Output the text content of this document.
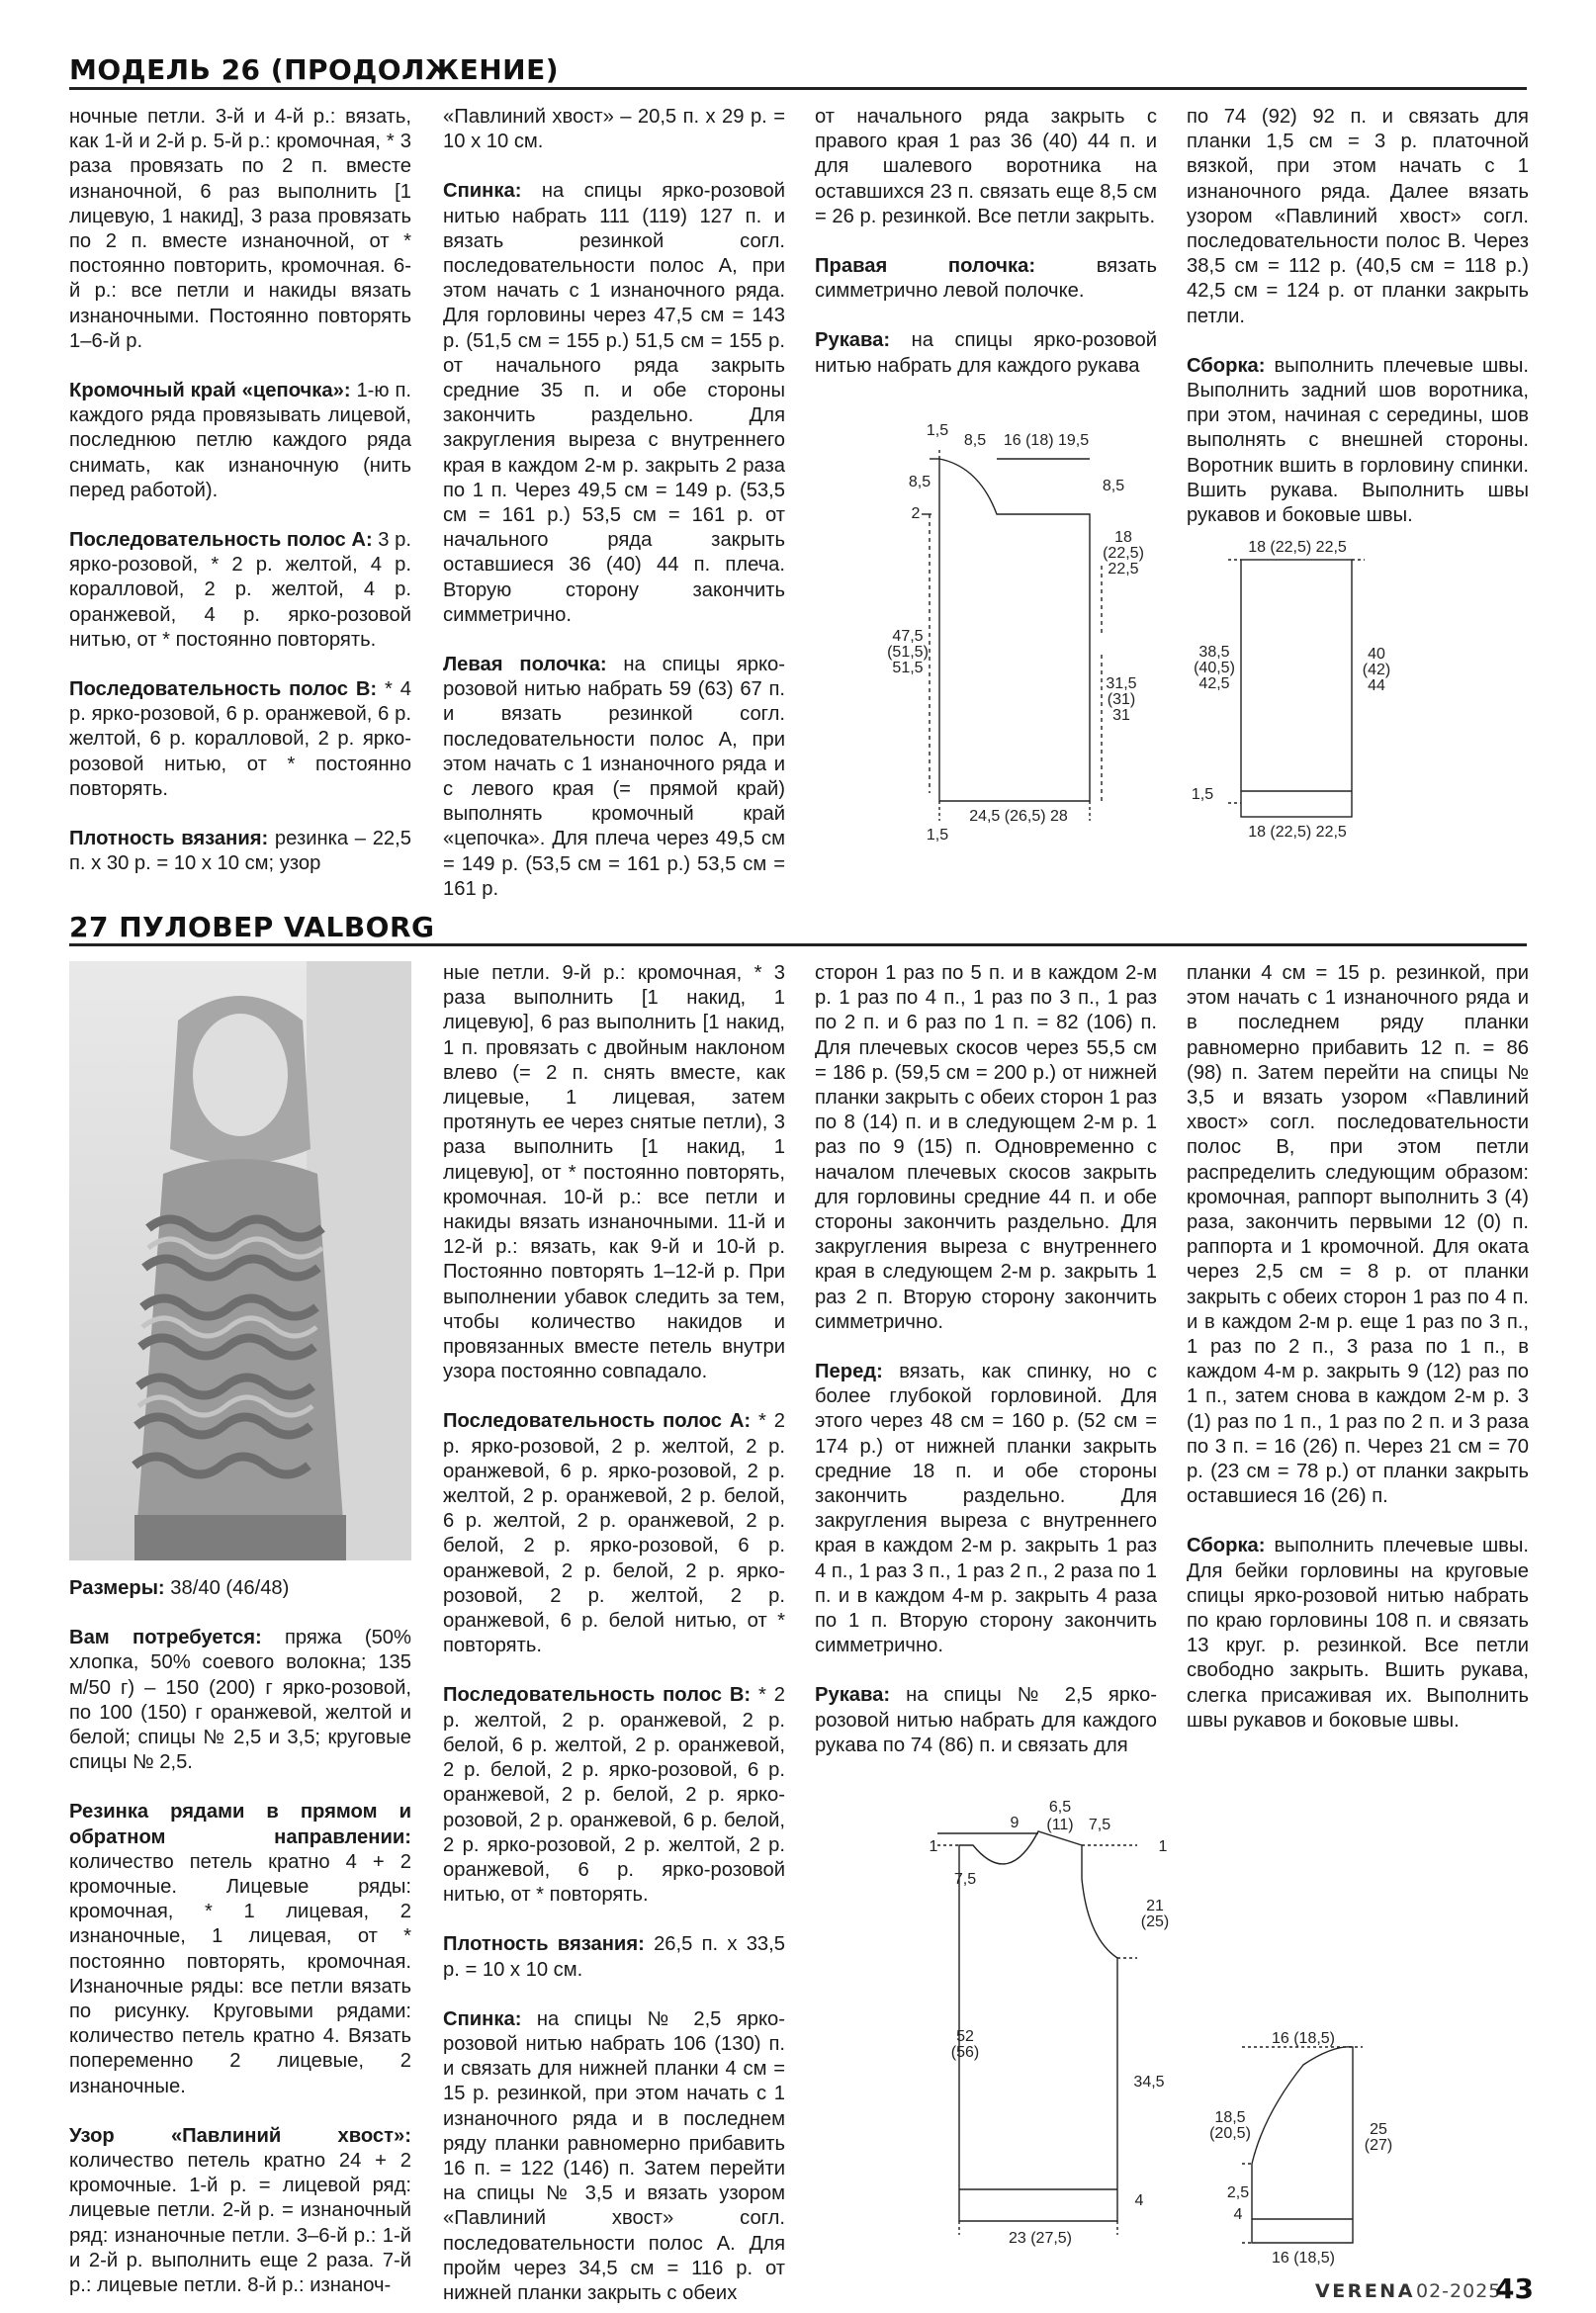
МОДЕЛЬ 26 (ПРОДОЛЖЕНИЕ)

ночные петли. 3-й и 4-й р.: вязать, как 1-й и 2-й р. 5-й р.: кромочная, * 3 раза провязать по 2 п. вместе изнаночной, 6 раз выполнить [1 лицевую, 1 накид], 3 раза провязать по 2 п. вместе изнаночной, от * постоянно повторить, кромочная. 6-й р.: все петли и накиды вязать изнаночными. Постоянно повторять 1–6-й р.

Кромочный край «цепочка»: 1-ю п. каждого ряда провязывать лицевой, последнюю петлю каждого ряда снимать, как изнаночную (нить перед работой).

Последовательность полос А: 3 р. ярко-розовой, * 2 р. желтой, 4 р. коралловой, 2 р. желтой, 4 р. оранжевой, 4 р. ярко-розовой нитью, от * постоянно повторять.

Последовательность полос В: * 4 р. ярко-розовой, 6 р. оранжевой, 6 р. желтой, 6 р. коралловой, 2 р. ярко-розовой нитью, от * постоянно повторять.

Плотность вязания: резинка – 22,5 п. х 30 р. = 10 х 10 см; узор

«Павлиний хвост» – 20,5 п. х 29 р. = 10 х 10 см.

Спинка: на спицы ярко-розовой нитью набрать 111 (119) 127 п. и вязать резинкой согл. последовательности полос А, при этом начать с 1 изнаночного ряда. Для горловины через 47,5 см = 143 р. (51,5 см = 155 р.) 51,5 см = 155 р. от начального ряда закрыть средние 35 п. и обе стороны закончить раздельно. Для закругления выреза с внутреннего края в каждом 2-м р. закрыть 2 раза по 1 п. Через 49,5 см = 149 р. (53,5 см = 161 р.) 53,5 см = 161 р. от начального ряда закрыть оставшиеся 36 (40) 44 п. плеча. Вторую сторону закончить симметрично.

Левая полочка: на спицы ярко-розовой нитью набрать 59 (63) 67 п. и вязать резинкой согл. последовательности полос А, при этом начать с 1 изнаночного ряда и с левого края (= прямой край) выполнять кромочный край «цепочка». Для плеча через 49,5 см = 149 р. (53,5 см = 161 р.) 53,5 см = 161 р.

от начального ряда закрыть с правого края 1 раз 36 (40) 44 п. и для шалевого воротника на оставшихся 23 п. связать еще 8,5 см = 26 р. резинкой. Все петли закрыть.

Правая полочка: вязать симметрично левой полочке.

Рукава: на спицы ярко-розовой нитью набрать для каждого рукава

по 74 (92) 92 п. и связать для планки 1,5 см = 3 р. платочной вязкой, при этом начать с 1 изнаночного ряда. Далее вязать узором «Павлиний хвост» согл. последовательности полос В. Через 38,5 см = 112 р. (40,5 см = 118 р.) 42,5 см = 124 р. от планки закрыть петли.

Сборка: выполнить плечевые швы. Выполнить задний шов воротника, при этом, начиная с середины, шов выполнять с внешней стороны. Воротник вшить в горловину спинки. Вшить рукава. Выполнить швы рукавов и боковые швы.

1,5
8,5 16 (18) 19,5
8,5	8,5
2
18
(22,5)
22,5
47,5
(51,5)
51,5
31,5
(31)
31
24,5 (26,5) 28
1,5
18 (22,5) 22,5
38,5
(40,5)
42,5
40
(42)
44
1,5
18 (22,5) 22,5
27 ПУЛОВЕР VALBORG

Размеры: 38/40 (46/48)

Вам потребуется: пряжа (50% хлопка, 50% соевого волокна; 135 м/50 г) – 150 (200) г ярко-розовой, по 100 (150) г оранжевой, желтой и белой; спицы № 2,5 и 3,5; круговые спицы № 2,5.

Резинка рядами в прямом и обратном направлении: количество петель кратно 4 + 2 кромочные. Лицевые ряды: кромочная, * 1 лицевая, 2 изнаночные, 1 лицевая, от * постоянно повторять, кромочная. Изнаночные ряды: все петли вязать по рисунку. Круговыми рядами: количество петель кратно 4. Вязать попеременно 2 лицевые, 2 изнаночные.

Узор «Павлиний хвост»: количество петель кратно 24 + 2 кромочные. 1-й р. = лицевой ряд: лицевые петли. 2-й р. = изнаночный ряд: изнаночные петли. 3–6-й р.: 1-й и 2-й р. выполнить еще 2 раза. 7-й р.: лицевые петли. 8-й р.: изнаноч-

ные петли. 9-й р.: кромочная, * 3 раза выполнить [1 накид, 1 лицевую], 6 раз выполнить [1 накид, 1 п. провязать с двойным наклоном влево (= 2 п. снять вместе, как лицевые, 1 лицевая, затем протянуть ее через снятые петли), 3 раза выполнить [1 накид, 1 лицевую], от * постоянно повторять, кромочная. 10-й р.: все петли и накиды вязать изнаночными. 11-й и 12-й р.: вязать, как 9-й и 10-й р. Постоянно повторять 1–12-й р. При выполнении убавок следить за тем, чтобы количество накидов и провязанных вместе петель внутри узора постоянно совпадало.

Последовательность полос А: * 2 р. ярко-розовой, 2 р. желтой, 2 р. оранжевой, 6 р. ярко-розовой, 2 р. желтой, 2 р. оранжевой, 2 р. белой, 6 р. желтой, 2 р. оранжевой, 2 р. белой, 2 р. ярко-розовой, 6 р. оранжевой, 2 р. белой, 2 р. ярко-розовой, 2 р. желтой, 2 р. оранжевой, 6 р. белой нитью, от * повторять.

Последовательность полос В: * 2 р. желтой, 2 р. оранжевой, 2 р. белой, 6 р. желтой, 2 р. оранжевой, 2 р. белой, 2 р. ярко-розовой, 6 р. оранжевой, 2 р. белой, 2 р. ярко-розовой, 2 р. оранжевой, 6 р. белой, 2 р. ярко-розовой, 2 р. желтой, 2 р. оранжевой, 6 р. ярко-розовой нитью, от * повторять.

Плотность вязания: 26,5 п. х 33,5 р. = 10 х 10 см.

Спинка: на спицы № 2,5 ярко-розовой нитью набрать 106 (130) п. и связать для нижней планки 4 см = 15 р. резинкой, при этом начать с 1 изнаночного ряда и в последнем ряду планки равномерно прибавить 16 п. = 122 (146) п. Затем перейти на спицы № 3,5 и вязать узором «Павлиний хвост» согл. последовательности полос А. Для пройм через 34,5 см = 116 р. от нижней планки закрыть с обеих

сторон 1 раз по 5 п. и в каждом 2-м р. 1 раз по 4 п., 1 раз по 3 п., 1 раз по 2 п. и 6 раз по 1 п. = 82 (106) п. Для плечевых скосов через 55,5 см = 186 р. (59,5 см = 200 р.) от нижней планки закрыть с обеих сторон 1 раз по 8 (14) п. и в следующем 2-м р. 1 раз по 9 (15) п. Одновременно с началом плечевых скосов закрыть для горловины средние 44 п. и обе стороны закончить раздельно. Для закругления выреза с внутреннего края в следующем 2-м р. закрыть 1 раз 2 п. Вторую сторону закончить симметрично.

Перед: вязать, как спинку, но с более глубокой горловиной. Для этого через 48 см = 160 р. (52 см = 174 р.) от нижней планки закрыть средние 18 п. и обе стороны закончить раздельно. Для закругления выреза с внутреннего края в каждом 2-м р. закрыть 1 раз 4 п., 1 раз 3 п., 1 раз 2 п., 2 раза по 1 п. и в каждом 4-м р. закрыть 4 раза по 1 п. Вторую сторону закончить симметрично.

Рукава: на спицы № 2,5 ярко-розовой нитью набрать для каждого рукава по 74 (86) п. и связать для

планки 4 см = 15 р. резинкой, при этом начать с 1 изнаночного ряда и в последнем ряду планки равномерно прибавить 12 п. = 86 (98) п. Затем перейти на спицы № 3,5 и вязать узором «Павлиний хвост» согл. последовательности полос В, при этом петли распределить следующим образом: кромочная, раппорт выполнить 3 (4) раза, закончить первыми 12 (0) п. раппорта и 1 кромочной. Для оката через 2,5 см = 8 р. от планки закрыть с обеих сторон 1 раз по 4 п. и в каждом 2-м р. еще 1 раз по 3 п., 1 раз по 2 п., 3 раза по 1 п., в каждом 4-м р. закрыть 9 (12) раз по 1 п., затем снова в каждом 2-м р. 3 (1) раз по 1 п., 1 раз по 2 п. и 3 раза по 3 п. = 16 (26) п. Через 21 см = 70 р. (23 см = 78 р.) от планки закрыть оставшиеся 16 (26) п.

Сборка: выполнить плечевые швы. Для бейки горловины на круговые спицы ярко-розовой нитью набрать по краю горловины 108 п. и связать 13 круг. р. резинкой. Все петли свободно закрыть. Вшить рукава, слегка присаживая их. Выполнить швы рукавов и боковые швы.

6,5
9 (11) 7,5
1	1
7,5
21
(25)
52
(56)
34,5
4
23 (27,5)
16 (18,5)
18,5
(20,5)	25
(27)
2,5
4
16 (18,5)
VERENA 02-2025
43
